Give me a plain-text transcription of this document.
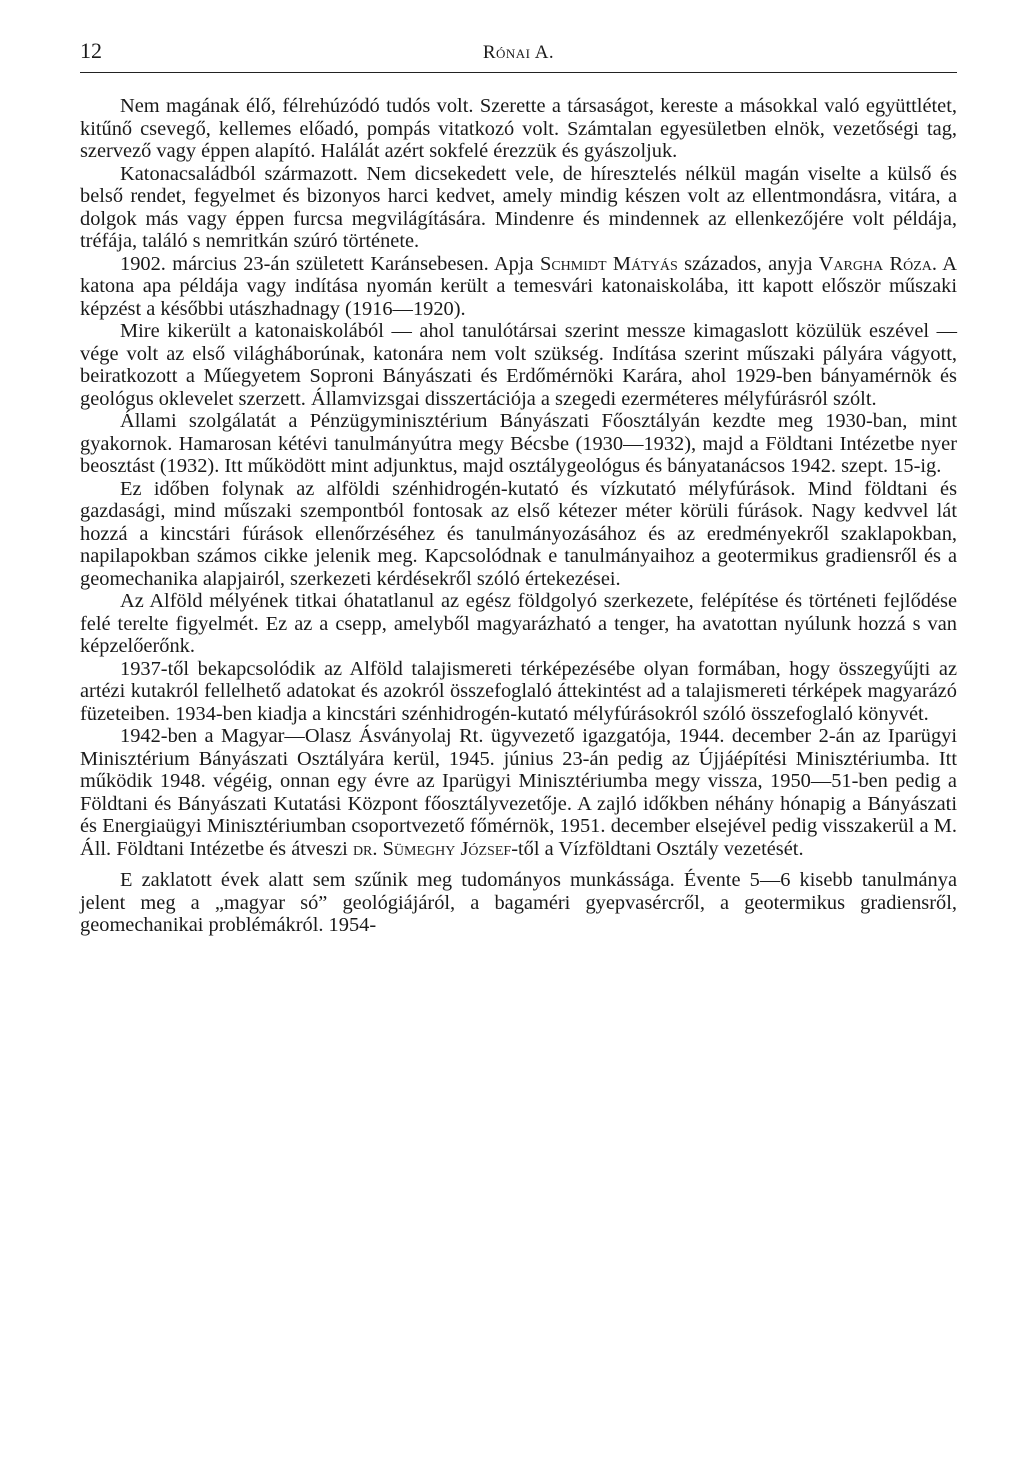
12	Rónai A.

Nem magának élő, félrehúzódó tudós volt. Szerette a társaságot, kereste a másokkal való együttlétet, kitűnő csevegő, kellemes előadó, pompás vitatkozó volt. Számtalan egyesületben elnök, vezetőségi tag, szervező vagy éppen alapító. Halálát azért sokfelé érezzük és gyászoljuk.

Katonacsaládból származott. Nem dicsekedett vele, de híresztelés nélkül magán viselte a külső és belső rendet, fegyelmet és bizonyos harci kedvet, amely mindig készen volt az ellentmondásra, vitára, a dolgok más vagy éppen furcsa megvilágítására. Mindenre és mindennek az ellenkezőjére volt példája, tréfája, találó s nemritkán szúró története.

1902. március 23-án született Karánsebesen. Apja Schmidt Mátyás százados, anyja Vargha Róza. A katona apa példája vagy indítása nyomán került a temesvári katonaiskolába, itt kapott először műszaki képzést a későbbi utászhadnagy (1916—1920).

Mire kikerült a katonaiskolából — ahol tanulótársai szerint messze kimagaslott közülük eszével — vége volt az első világháborúnak, katonára nem volt szükség. Indítása szerint műszaki pályára vágyott, beiratkozott a Műegyetem Soproni Bányászati és Erdőmérnöki Karára, ahol 1929-ben bányamérnök és geológus oklevelet szerzett. Államvizsgai disszertációja a szegedi ezerméteres mélyfúrásról szólt.

Állami szolgálatát a Pénzügyminisztérium Bányászati Főosztályán kezdte meg 1930-ban, mint gyakornok. Hamarosan kétévi tanulmányútra megy Bécsbe (1930—1932), majd a Földtani Intézetbe nyer beosztást (1932). Itt működött mint adjunktus, majd osztálygeológus és bányatanácsos 1942. szept. 15-ig.

Ez időben folynak az alföldi szénhidrogén-kutató és vízkutató mélyfúrások. Mind földtani és gazdasági, mind műszaki szempontból fontosak az első kétezer méter körüli fúrások. Nagy kedvvel lát hozzá a kincstári fúrások ellenőrzéséhez és tanulmányozásához és az eredményekről szaklapokban, napilapokban számos cikke jelenik meg. Kapcsolódnak e tanulmányaihoz a geotermikus gradiensről és a geomechanika alapjairól, szerkezeti kérdésekről szóló értekezései.

Az Alföld mélyének titkai óhatatlanul az egész földgolyó szerkezete, felépítése és történeti fejlődése felé terelte figyelmét. Ez az a csepp, amelyből magyarázható a tenger, ha avatottan nyúlunk hozzá s van képzelőerőnk.

1937-től bekapcsolódik az Alföld talajismereti térképezésébe olyan formában, hogy összegyűjti az artézi kutakról fellelhető adatokat és azokról összefoglaló áttekintést ad a talajismereti térképek magyarázó füzeteiben. 1934-ben kiadja a kincstári szénhidrogén-kutató mélyfúrásokról szóló összefoglaló könyvét.

1942-ben a Magyar—Olasz Ásványolaj Rt. ügyvezető igazgatója, 1944. december 2-án az Iparügyi Minisztérium Bányászati Osztályára kerül, 1945. június 23-án pedig az Újjáépítési Minisztériumba. Itt működik 1948. végéig, onnan egy évre az Iparügyi Minisztériumba megy vissza, 1950—51-ben pedig a Földtani és Bányászati Kutatási Központ főosztályvezetője. A zajló időkben néhány hónapig a Bányászati és Energiaügyi Minisztériumban csoportvezető főmérnök, 1951. december elsejével pedig visszakerül a M. Áll. Földtani Intézetbe és átveszi dr. Sümeghy József-től a Vízföldtani Osztály vezetését.

E zaklatott évek alatt sem szűnik meg tudományos munkássága. Évente 5—6 kisebb tanulmánya jelent meg a „magyar só” geológiájáról, a bagaméri gyepvasércről, a geotermikus gradiensről, geomechanikai problémákról. 1954-
